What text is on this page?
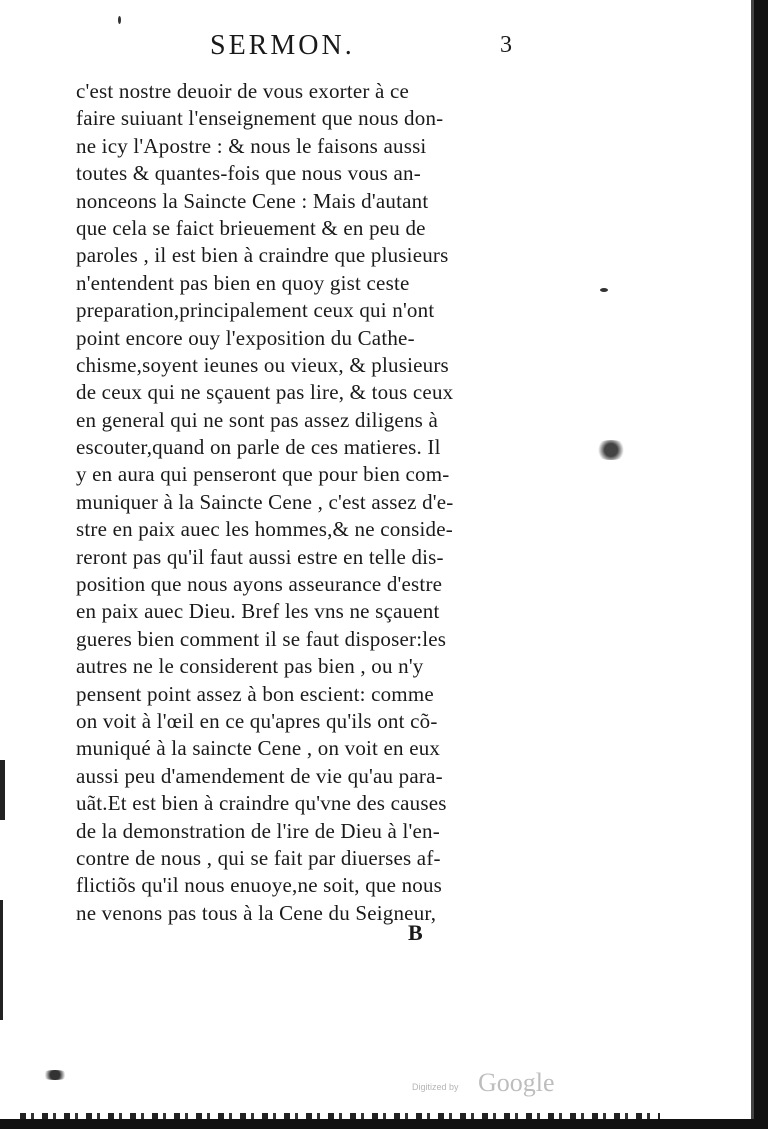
SERMON.	3
c'est nostre deuoir de vous exorter à ce
faire suiuant l'enseignement que nous don-
ne icy l'Apostre : & nous le faisons aussi
toutes & quantes-fois que nous vous an-
nonceons la Saincte Cene : Mais d'autant
que cela se faict brieuement & en peu de
paroles , il est bien à craindre que plusieurs
n'entendent pas bien en quoy gist ceste
preparation,principalement ceux qui n'ont
point encore ouy l'exposition du Cathe-
chisme,soyent ieunes ou vieux, & plusieurs
de ceux qui ne sçauent pas lire, & tous ceux
en general qui ne sont pas assez diligens à
escouter,quand on parle de ces matieres. Il
y en aura qui penseront que pour bien com-
muniquer à la Saincte Cene , c'est assez d'e-
stre en paix auec les hommes,& ne conside-
reront pas qu'il faut aussi estre en telle dis-
position que nous ayons asseurance d'estre
en paix auec Dieu. Bref les vns ne sçauent
gueres bien comment il se faut disposer:les
autres ne le considerent pas bien , ou n'y
pensent point assez à bon escient: comme
on voit à l'œil en ce qu'apres qu'ils ont cõ-
muniqué à la saincte Cene , on voit en eux
aussi peu d'amendement de vie qu'au para-
uãt.Et est bien à craindre qu'vne des causes
de la demonstration de l'ire de Dieu à l'en-
contre de nous , qui se fait par diuerses af-
flictiõs qu'il nous enuoye,ne soit, que nous
ne venons pas tous à la Cene du Seigneur,
B
Digitized by Google
